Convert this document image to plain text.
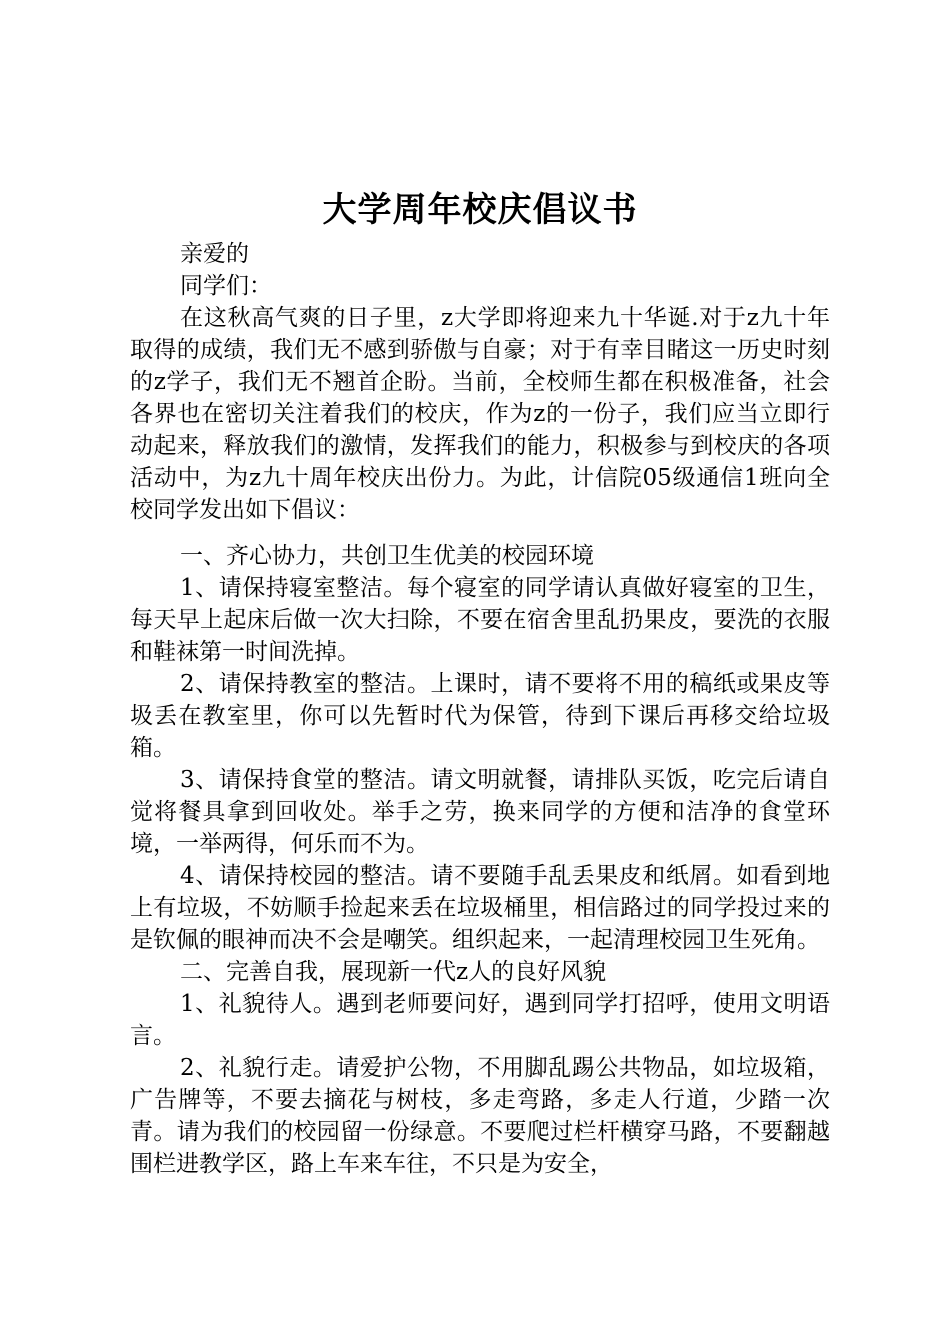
大学周年校庆倡议书

亲爱的

同学们：

在这秋高气爽的日子里，z大学即将迎来九十华诞.对于z九十年取得的成绩，我们无不感到骄傲与自豪；对于有幸目睹这一历史时刻的z学子，我们无不翘首企盼。当前，全校师生都在积极准备，社会各界也在密切关注着我们的校庆，作为z的一份子，我们应当立即行动起来，释放我们的激情，发挥我们的能力，积极参与到校庆的各项活动中，为z九十周年校庆出份力。为此，计信院05级通信1班向全校同学发出如下倡议：

一、齐心协力，共创卫生优美的校园环境

1、请保持寝室整洁。每个寝室的同学请认真做好寝室的卫生，每天早上起床后做一次大扫除，不要在宿舍里乱扔果皮，要洗的衣服和鞋袜第一时间洗掉。

2、请保持教室的整洁。上课时，请不要将不用的稿纸或果皮等圾丢在教室里，你可以先暂时代为保管，待到下课后再移交给垃圾箱。

3、请保持食堂的整洁。请文明就餐，请排队买饭，吃完后请自觉将餐具拿到回收处。举手之劳，换来同学的方便和洁净的食堂环境，一举两得，何乐而不为。

4、请保持校园的整洁。请不要随手乱丢果皮和纸屑。如看到地上有垃圾，不妨顺手捡起来丢在垃圾桶里，相信路过的同学投过来的是钦佩的眼神而决不会是嘲笑。组织起来，一起清理校园卫生死角。

二、完善自我，展现新一代z人的良好风貌

1、礼貌待人。遇到老师要问好，遇到同学打招呼，使用文明语言。

2、礼貌行走。请爱护公物，不用脚乱踢公共物品，如垃圾箱，广告牌等，不要去摘花与树枝，多走弯路，多走人行道，少踏一次青。请为我们的校园留一份绿意。不要爬过栏杆横穿马路，不要翻越围栏进教学区，路上车来车往，不只是为安全，
